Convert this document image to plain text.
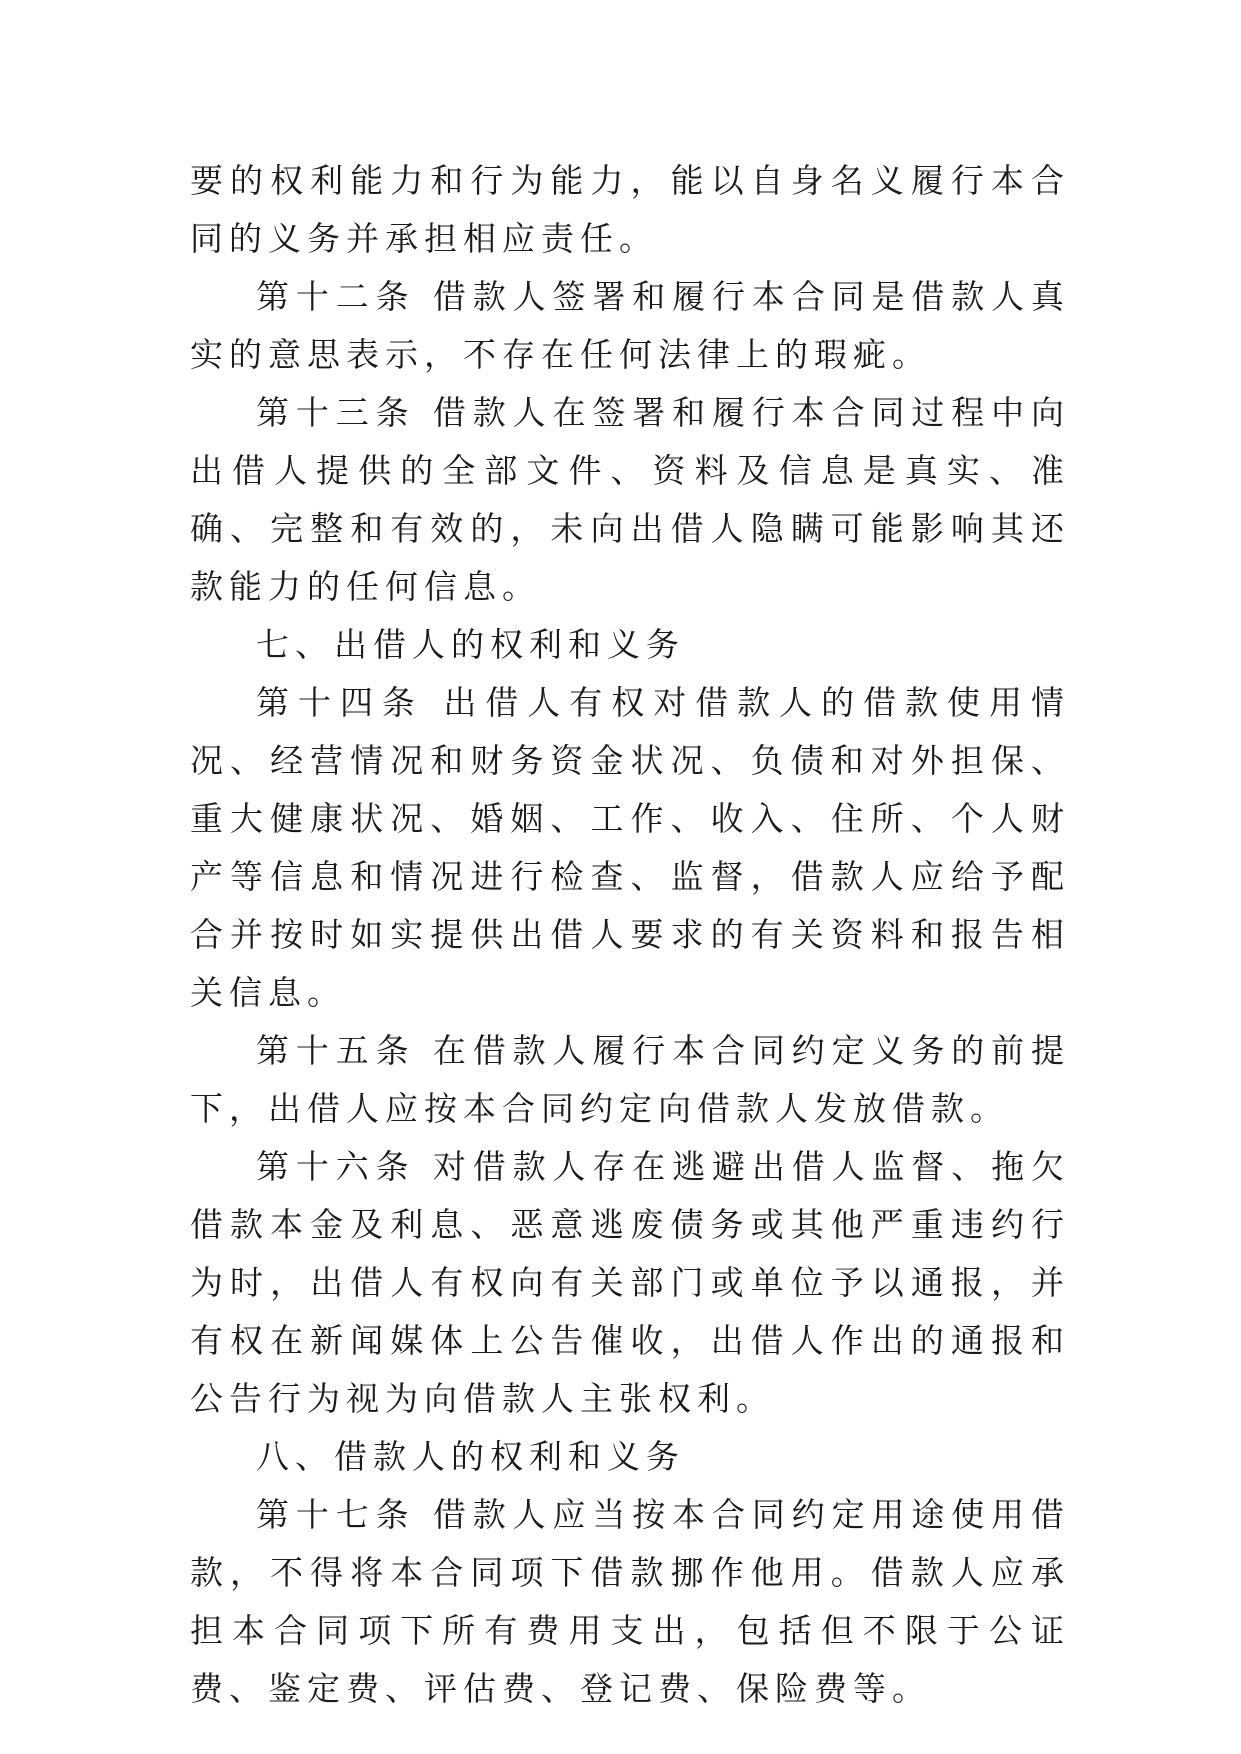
要的权利能力和行为能力，能以自身名义履行本合同的义务并承担相应责任。

第十二条 借款人签署和履行本合同是借款人真实的意思表示，不存在任何法律上的瑕疵。

第十三条 借款人在签署和履行本合同过程中向出借人提供的全部文件、资料及信息是真实、准确、完整和有效的，未向出借人隐瞒可能影响其还款能力的任何信息。

七、出借人的权利和义务

第十四条 出借人有权对借款人的借款使用情况、经营情况和财务资金状况、负债和对外担保、重大健康状况、婚姻、工作、收入、住所、个人财产等信息和情况进行检查、监督，借款人应给予配合并按时如实提供出借人要求的有关资料和报告相关信息。

第十五条 在借款人履行本合同约定义务的前提下，出借人应按本合同约定向借款人发放借款。

第十六条 对借款人存在逃避出借人监督、拖欠借款本金及利息、恶意逃废债务或其他严重违约行为时，出借人有权向有关部门或单位予以通报，并有权在新闻媒体上公告催收，出借人作出的通报和公告行为视为向借款人主张权利。

八、借款人的权利和义务

第十七条 借款人应当按本合同约定用途使用借款，不得将本合同项下借款挪作他用。借款人应承担本合同项下所有费用支出，包括但不限于公证费、鉴定费、评估费、登记费、保险费等。
